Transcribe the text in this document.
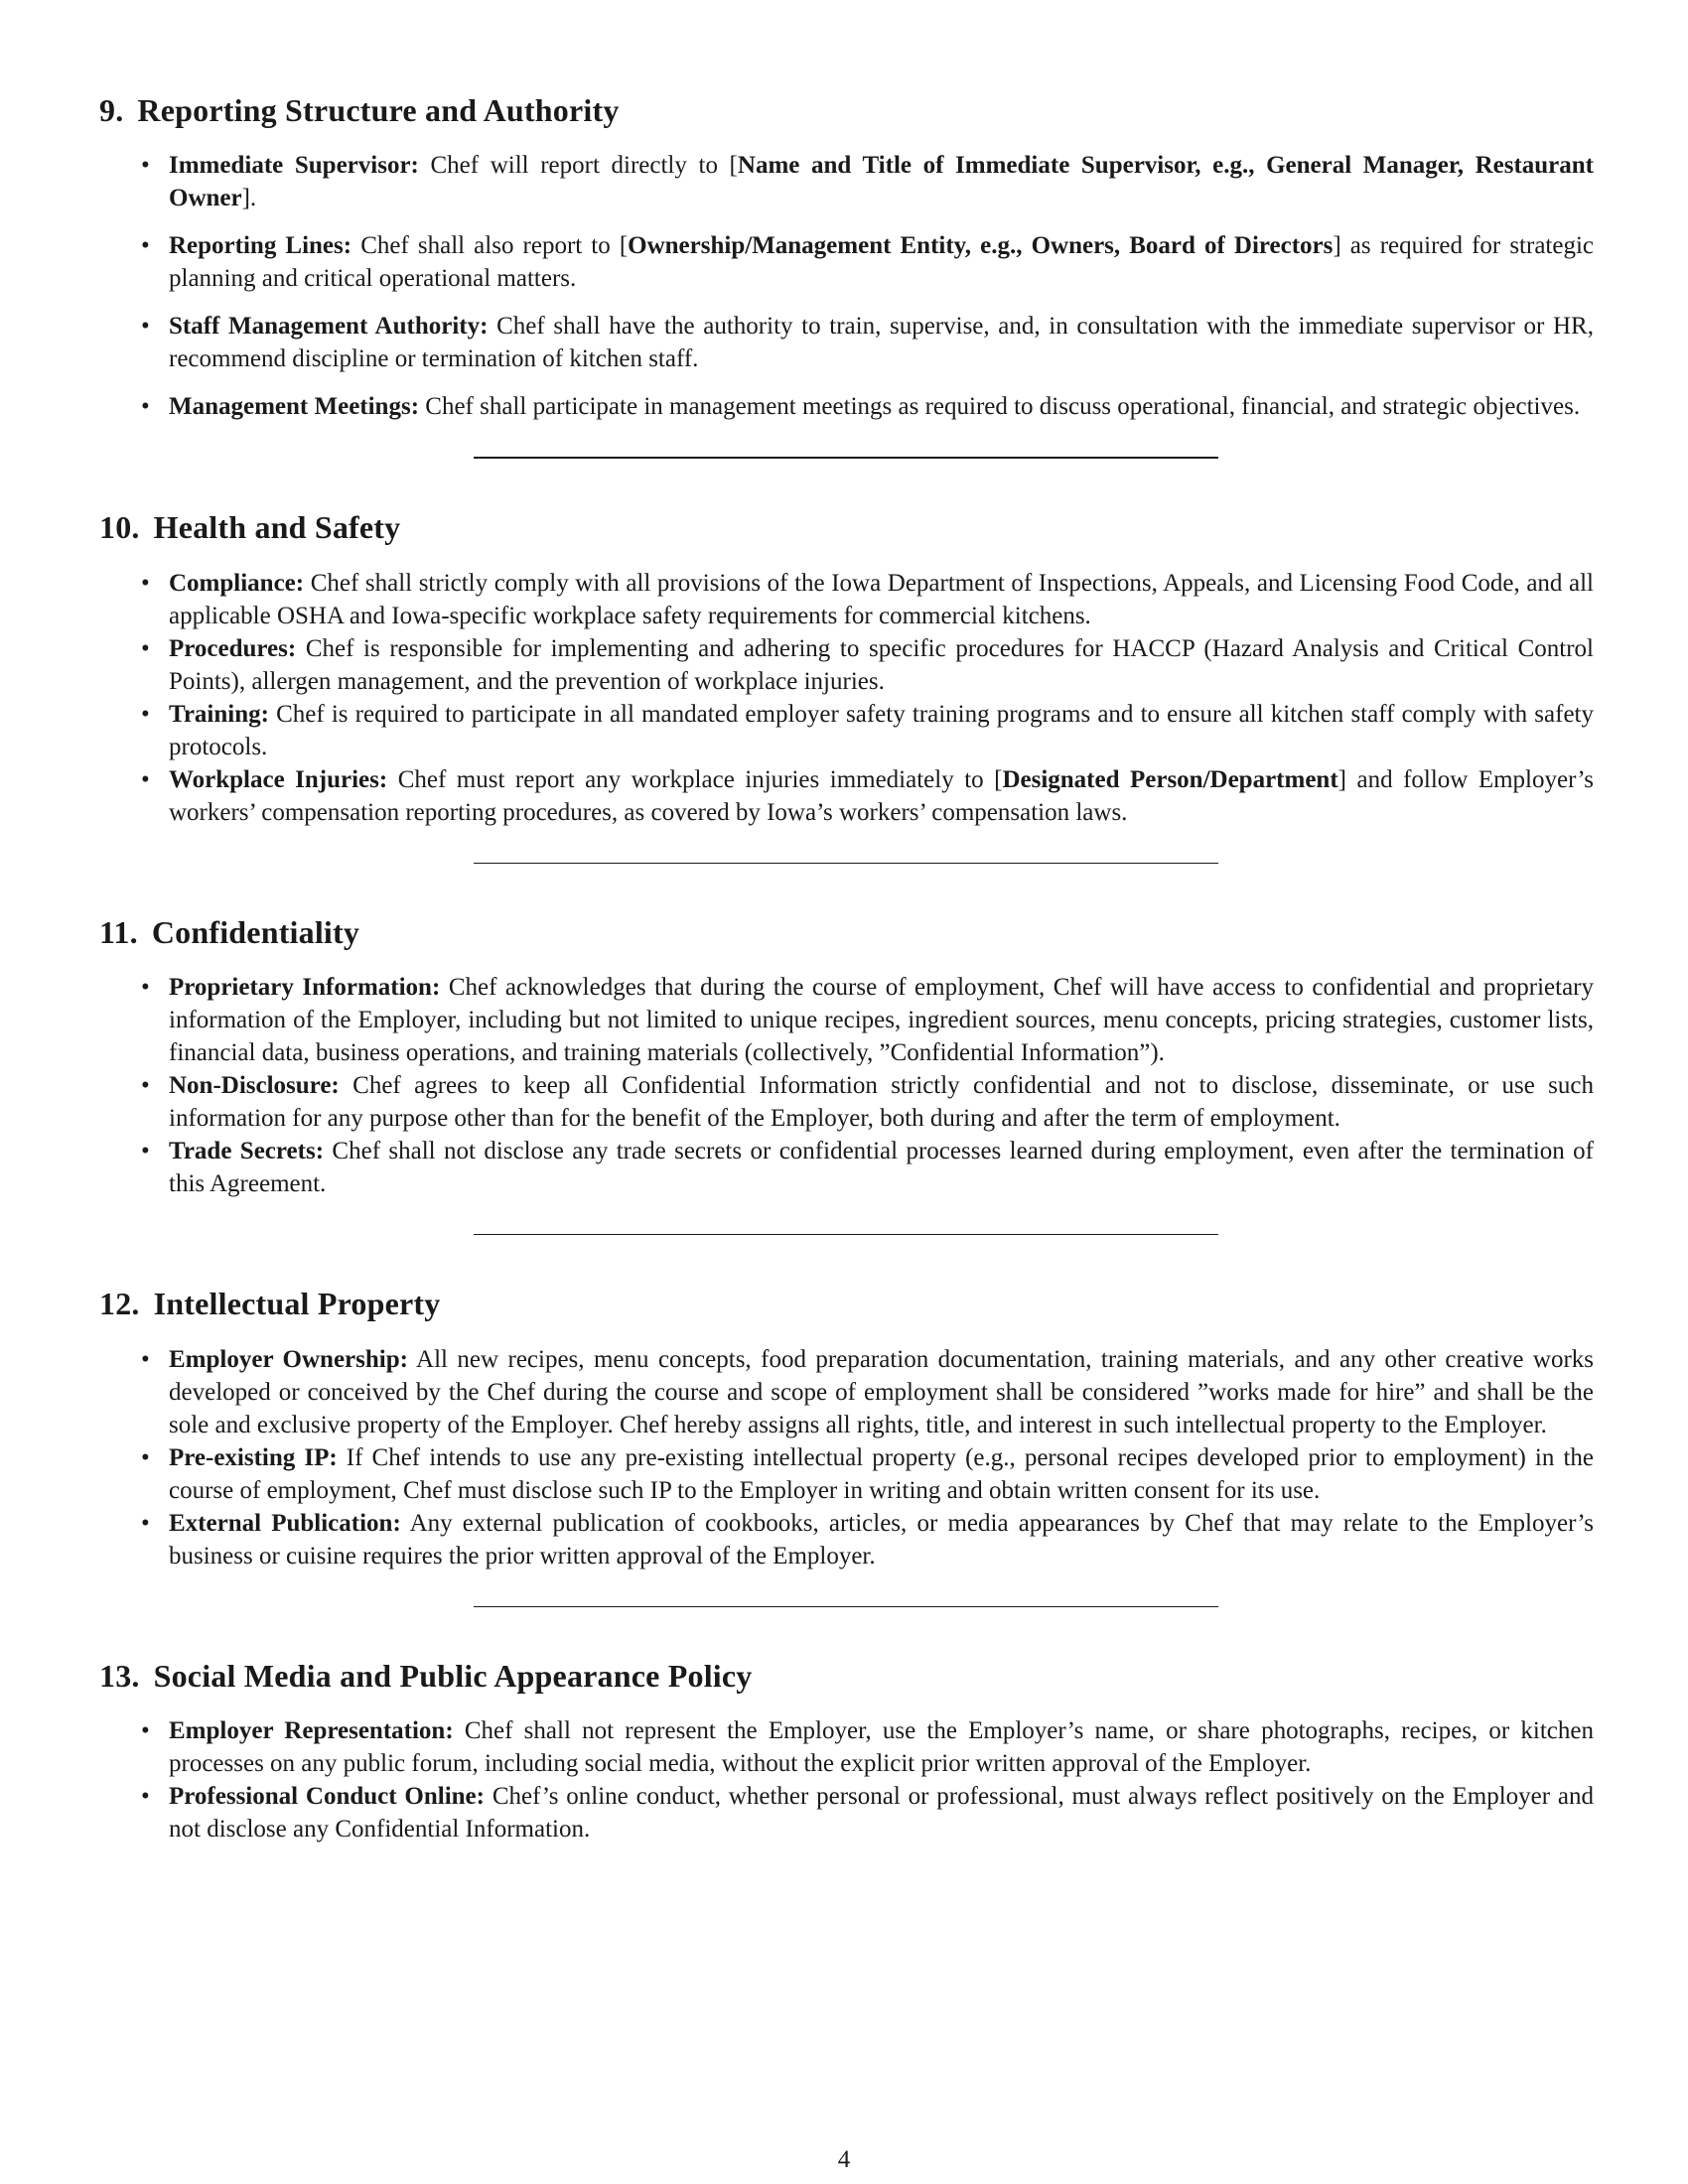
9. Reporting Structure and Authority
• Immediate Supervisor: Chef will report directly to [Name and Title of Immediate Supervisor, e.g., General Manager, Restaurant Owner].
• Reporting Lines: Chef shall also report to [Ownership/Management Entity, e.g., Owners, Board of Directors] as required for strategic planning and critical operational matters.
• Staff Management Authority: Chef shall have the authority to train, supervise, and, in consultation with the immediate supervisor or HR, recommend discipline or termination of kitchen staff.
• Management Meetings: Chef shall participate in management meetings as required to discuss operational, financial, and strategic objectives.
10. Health and Safety
• Compliance: Chef shall strictly comply with all provisions of the Iowa Department of Inspections, Appeals, and Licensing Food Code, and all applicable OSHA and Iowa-specific workplace safety requirements for commercial kitchens.
• Procedures: Chef is responsible for implementing and adhering to specific procedures for HACCP (Hazard Analysis and Critical Control Points), allergen management, and the prevention of workplace injuries.
• Training: Chef is required to participate in all mandated employer safety training programs and to ensure all kitchen staff comply with safety protocols.
• Workplace Injuries: Chef must report any workplace injuries immediately to [Designated Person/Department] and follow Employer’s workers’ compensation reporting procedures, as covered by Iowa’s workers’ compensation laws.
11. Confidentiality
• Proprietary Information: Chef acknowledges that during the course of employment, Chef will have access to confidential and proprietary information of the Employer, including but not limited to unique recipes, ingredient sources, menu concepts, pricing strategies, customer lists, financial data, business operations, and training materials (collectively, ”Confidential Information”).
• Non-Disclosure: Chef agrees to keep all Confidential Information strictly confidential and not to disclose, disseminate, or use such information for any purpose other than for the benefit of the Employer, both during and after the term of employment.
• Trade Secrets: Chef shall not disclose any trade secrets or confidential processes learned during employment, even after the termination of this Agreement.
12. Intellectual Property
• Employer Ownership: All new recipes, menu concepts, food preparation documentation, training materials, and any other creative works developed or conceived by the Chef during the course and scope of employment shall be considered ”works made for hire” and shall be the sole and exclusive property of the Employer. Chef hereby assigns all rights, title, and interest in such intellectual property to the Employer.
• Pre-existing IP: If Chef intends to use any pre-existing intellectual property (e.g., personal recipes developed prior to employment) in the course of employment, Chef must disclose such IP to the Employer in writing and obtain written consent for its use.
• External Publication: Any external publication of cookbooks, articles, or media appearances by Chef that may relate to the Employer’s business or cuisine requires the prior written approval of the Employer.
13. Social Media and Public Appearance Policy
• Employer Representation: Chef shall not represent the Employer, use the Employer’s name, or share photographs, recipes, or kitchen processes on any public forum, including social media, without the explicit prior written approval of the Employer.
• Professional Conduct Online: Chef’s online conduct, whether personal or professional, must always reflect positively on the Employer and not disclose any Confidential Information.
4
